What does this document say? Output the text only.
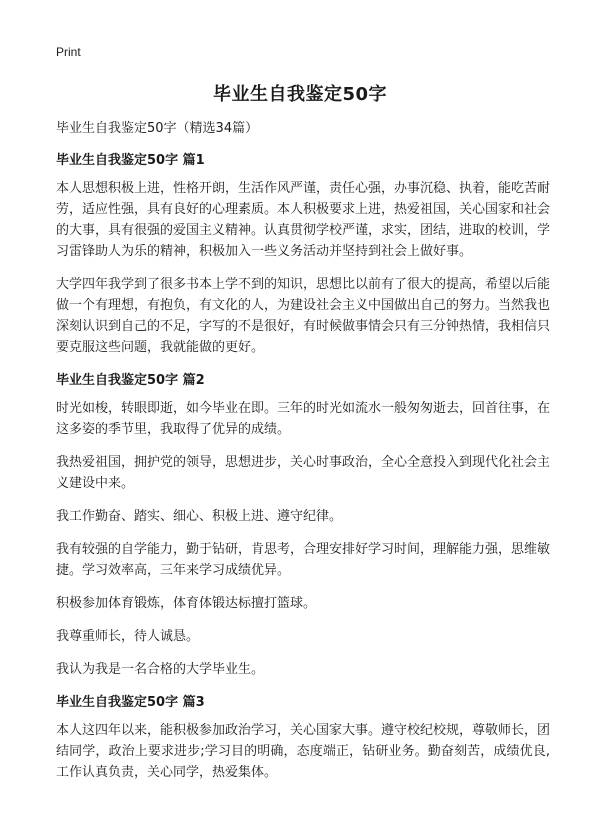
Print
毕业生自我鉴定50字

毕业生自我鉴定50字（精选34篇）

毕业生自我鉴定50字 篇1

本人思想积极上进，性格开朗，生活作风严谨，责任心强，办事沉稳、执着，能吃苦耐劳，适应性强，具有良好的心理素质。本人积极要求上进，热爱祖国，关心国家和社会的大事，具有很强的爱国主义精神。认真贯彻学校严谨，求实，团结，进取的校训，学习雷锋助人为乐的精神，积极加入一些义务活动并坚持到社会上做好事。

大学四年我学到了很多书本上学不到的知识，思想比以前有了很大的提高，希望以后能做一个有理想，有抱负，有文化的人，为建设社会主义中国做出自己的努力。当然我也深刻认识到自己的不足，字写的不是很好，有时候做事情会只有三分钟热情，我相信只要克服这些问题，我就能做的更好。

毕业生自我鉴定50字 篇2

时光如梭，转眼即逝，如今毕业在即。三年的时光如流水一般匆匆逝去，回首往事，在这多姿的季节里，我取得了优异的成绩。

我热爱祖国，拥护党的领导，思想进步，关心时事政治，全心全意投入到现代化社会主义建设中来。

我工作勤奋、踏实、细心、积极上进、遵守纪律。

我有较强的自学能力，勤于钻研，肯思考，合理安排好学习时间，理解能力强，思维敏捷。学习效率高，三年来学习成绩优异。

积极参加体育锻炼，体育体锻达标擅打篮球。

我尊重师长，待人诚恳。

我认为我是一名合格的大学毕业生。

毕业生自我鉴定50字 篇3

本人这四年以来，能积极参加政治学习，关心国家大事。遵守校纪校规，尊敬师长，团结同学，政治上要求进步;学习目的明确，态度端正，钻研业务。勤奋刻苦，成绩优良,工作认真负责，关心同学，热爱集体。
